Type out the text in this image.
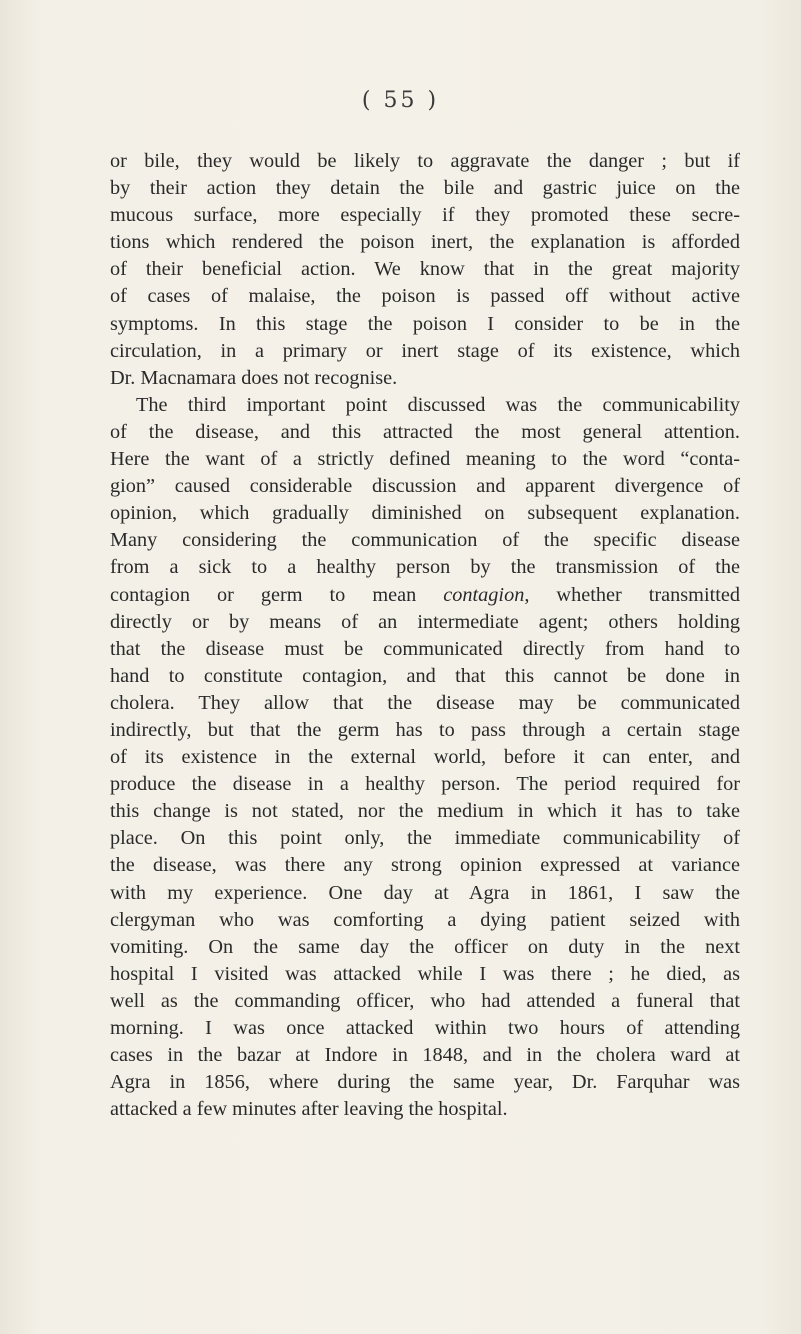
( 55 )

or bile, they would be likely to aggravate the danger ; but if
by their action they detain the bile and gastric juice on the
mucous surface, more especially if they promoted these secre-
tions which rendered the poison inert, the explanation is afforded
of their beneficial action. We know that in the great majority
of cases of malaise, the poison is passed off without active
symptoms. In this stage the poison I consider to be in the
circulation, in a primary or inert stage of its existence, which
Dr. Macnamara does not recognise.

The third important point discussed was the communicability
of the disease, and this attracted the most general attention.
Here the want of a strictly defined meaning to the word “conta-
gion” caused considerable discussion and apparent divergence of
opinion, which gradually diminished on subsequent explanation.
Many considering the communication of the specific disease
from a sick to a healthy person by the transmission of the
contagion or germ to mean contagion, whether transmitted
directly or by means of an intermediate agent; others holding
that the disease must be communicated directly from hand to
hand to constitute contagion, and that this cannot be done in
cholera. They allow that the disease may be communicated
indirectly, but that the germ has to pass through a certain stage
of its existence in the external world, before it can enter, and
produce the disease in a healthy person. The period required for
this change is not stated, nor the medium in which it has to take
place. On this point only, the immediate communicability of
the disease, was there any strong opinion expressed at variance
with my experience. One day at Agra in 1861, I saw the
clergyman who was comforting a dying patient seized with
vomiting. On the same day the officer on duty in the next
hospital I visited was attacked while I was there ; he died, as
well as the commanding officer, who had attended a funeral that
morning. I was once attacked within two hours of attending
cases in the bazar at Indore in 1848, and in the cholera ward at
Agra in 1856, where during the same year, Dr. Farquhar was
attacked a few minutes after leaving the hospital.
